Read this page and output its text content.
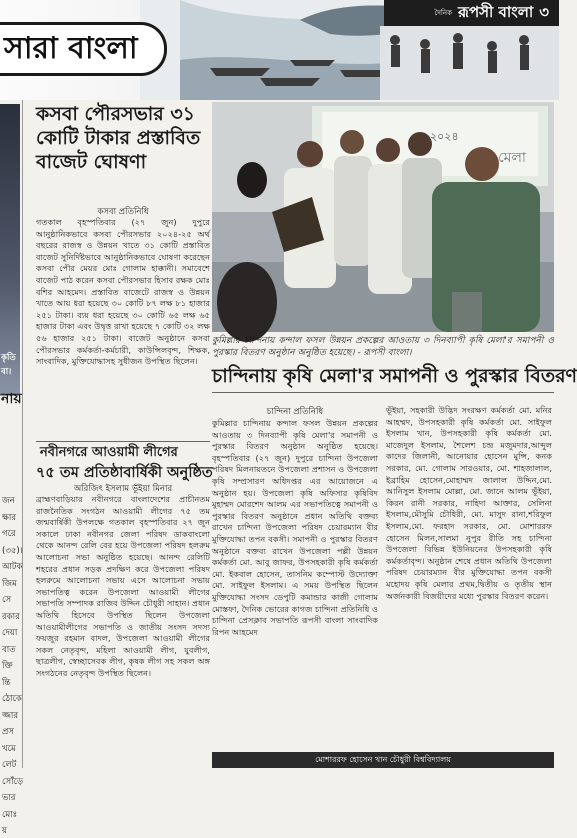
সারা বাংলা
দৈনিক রূপসী বাংলা ৩
কৃতি
বা।
নায়
জন
ক্ষার
গরে
(৩৫)।
আটক
জিম
সে
রকার
দেয়া
বাত
ক্তি
ন্তি
ঠোকে
জ্জার
প্রস
খমে
লেট
সোঁড়ে
ভার
মোঃ
য়
কসবা পৌরসভার ৩১ কোটি টাকার প্রস্তাবিত বাজেট ঘোষণা
কসবা প্রতিনিধি
গতকাল বৃহস্পতিবার (২৭ জুন) দুপুরে আনুষ্ঠানিকভাবে কসবা পৌরসভার ২০২৪-২৫ অর্থ বছরের রাজস্ব ও উন্নয়ন খাতে ৩১ কোটি প্রস্তাবিত বাজেট সুনির্দিষ্টভাবে আনুষ্ঠানিকভাবে ঘোষণা করেছেন কসবা পৌর মেয়র মোঃ গোলাম হাক্কানী। সমাবেশে বাজেট পাঠ করেন কসবা পৌরসভার হিসাব রক্ষক মোঃ বশির আহমেদ। প্রস্তাবিত বাজেটে রাজস্ব ও উন্নয়ন খাতে আয় ধরা হয়েছে ৩০ কোটি ৮৭ লক্ষ ৮১ হাজার ২৫১ টাকা। ব্যয় ধরা হয়েছে ৩০ কোটি ৬৫ লক্ষ ৬৫ হাজার টাকা এবং উদ্বৃত্ত রাখা হয়েছে ৭ কোটি ৩২ লক্ষ ৫৬ হাজার ২৫১ টাকা। বাজেট অনুষ্ঠানে কসবা পৌরসভার কর্মকর্তা-কর্মচারী, কাউন্সিলবৃন্দ, শিক্ষক, সাংবাদিক, মুক্তিযোদ্ধাসহ সুধীজন উপস্থিত ছিলেন।
নবীনগরে আওয়ামী লীগের
৭৫ তম প্রতিষ্ঠাবার্ষিকী অনুষ্ঠিত
অরিজিৎ ইসলাম ভূঁইয়া মিনার
ব্রাহ্মণবাড়িয়ার নবীনগরে বাংলাদেশের প্রাচীনতম রাজনৈতিক সংগঠন আওয়ামী লীগের ৭৫ তম জন্মবার্ষিকী উপলক্ষে গতকাল বৃহস্পতিবার ২৭ জুন সকালে ঢাকা নবীনগর জেলা পরিষদ ডাকবাংলো থেকে আনন্দ রেলি বের হয়ে উপজেলা পরিষদ হলরুম আলোচনা সভা অনুষ্ঠিত হয়েছে। আনন্দ রেলিটি শহরের প্রধান সড়ক প্রদক্ষিণ করে উপজেলা পরিষদ হলরুমে আলোচনা সভায় এসে আলোচনা সভায় সভাপতিত্ব করেন উপজেলা আওয়ামী লীগের সভাপতি সম্পাদক রাজিব উদ্দিন চৌধুরী সাহান। প্রধান অতিথি হিসেবে উপস্থিত ছিলেন উপজেলা আওয়ামীলীগের সভাপতি ও জাতীয় সংসদ সদস্য ফয়জুর রহমান বাদল, উপজেলা আওয়ামী লীগের সকল নেতৃবৃন্দ, মহিলা আওয়ামী লীগ, যুবলীগ, ছাত্রলীগ, স্বেচ্ছাসেবক লীগ, কৃষক লীগ সহ সকল অঙ্গ সংগঠনের নেতৃবৃন্দ উপস্থিত ছিলেন।
২০২৪
মেলা
কুমিল্লার চান্দিনায় কন্দাল ফসল উন্নয়ন প্রকল্পের আওতায় ৩ দিনব্যাপী কৃষি মেলা'র সমাপনী ও পুরস্কার বিতরণ অনুষ্ঠান অনুষ্ঠিত হয়েছে। - রূপসী বাংলা।
চান্দিনায় কৃষি মেলা'র সমাপনী ও পুরস্কার বিতরণ
চান্দিনা প্রতিনিধি
কুমিল্লার চান্দিনায় কন্দাল ফসল উন্নয়ন প্রকল্পের আওতায় ৩ দিনব্যাপী কৃষি মেলা'র সমাপনী ও পুরস্কার বিতরণ অনুষ্ঠান অনুষ্ঠিত হয়েছে। বৃহস্পতিবার (২৭ জুন) দুপুরে চান্দিনা উপজেলা পরিষদ মিলনায়তনে উপজেলা প্রশাসন ও উপজেলা কৃষি সম্প্রসারণ অধিদপ্তর এর আয়োজনে এ অনুষ্ঠান হয়। উপজেলা কৃষি অফিসার কৃষিবিদ মুহাম্মদ মোরশেদ আলম এর সভাপতিত্বে সমাপনী ও পুরস্কার বিতরণ অনুষ্ঠানে প্রধান অতিথি বক্তব্য রাখেন চান্দিনা উপজেলা পরিষদ চেয়ারম্যান বীর মুক্তিযোদ্ধা তপন বকসী। সমাপনী ও পুরস্কার বিতরণ অনুষ্ঠানে বক্তব্য রাখেন উপজেলা পল্লী উন্নয়ন কর্মকর্তা মো. আবু জাফর, উপসহকারী কৃষি কর্মকর্তা মো. ইকবাল হোসেন, তাসনিম কম্পোস্ট উদ্যোক্তা মো. সাইফুল ইসলাম। এ সময় উপস্থিত ছিলেন মুক্তিযোদ্ধা সংসদ ডেপুটি কমান্ডার কাজী গোলাম মোস্তফা, দৈনিক ভোরের কাগজ চান্দিনা প্রতিনিধি ও চান্দিনা প্রেসক্লাব সভাপতি রূপসী বাংলা সাংবাদিক রিপন আহমেদ
ভূঁইয়া, সহকারী উদ্ভিদ সংরক্ষণ কর্মকর্তা মো. মনির আহম্মদ, উপসহকারী কৃষি কর্মকর্তা মো. সাইফুল ইসলাম খান, উপসহকারী কৃষি কর্মকর্তা মো. মাজেদুল ইসলাম, শৈলেশ চন্দ্র মজুমদার,আব্দুল কাদের জিলানী, আনোয়ার হোসেন মুন্সি, কনক সরকার, মো. গোলাম সারওয়ার, মো. শাহজালাল, ইব্রাহিম হোসেন,মোহাম্মদ জালাল উদ্দিন,মো. আনিসুল ইসলাম মোল্লা, মো. জানে আলম ভূঁইয়া, কিরন রানী সরকার, নাহিদা আক্তার, সেলিনা ইসলাম,মৌসুমি চৌধিরী, মো. মাসুদ রানা,শরিফুল ইসলাম,মো. ফরহাদ সরকার, মো. মোশাররফ হোসেন মিলন,সালমা নুপুর রীতি সহ চান্দিনা উপজেলা বিভিন্ন ইউনিয়নের উপসহকারী কৃষি কর্মকর্তাবৃন্দ। অনুষ্ঠান শেষে প্রধান অতিথি উপজেলা পরিষদ চেয়ারম্যান বীর মুক্তিযোদ্ধা তপন বকসী মহোদয় কৃষি মেলার প্রথম,দ্বিতীয় ও তৃতীয় স্থান অর্জনকারী বিজয়ীদের মধ্যে পুরস্কার বিতরণ করেন।
মোশাররফ হোসেন খান চৌধুরী বিশ্ববিদ্যালয়
